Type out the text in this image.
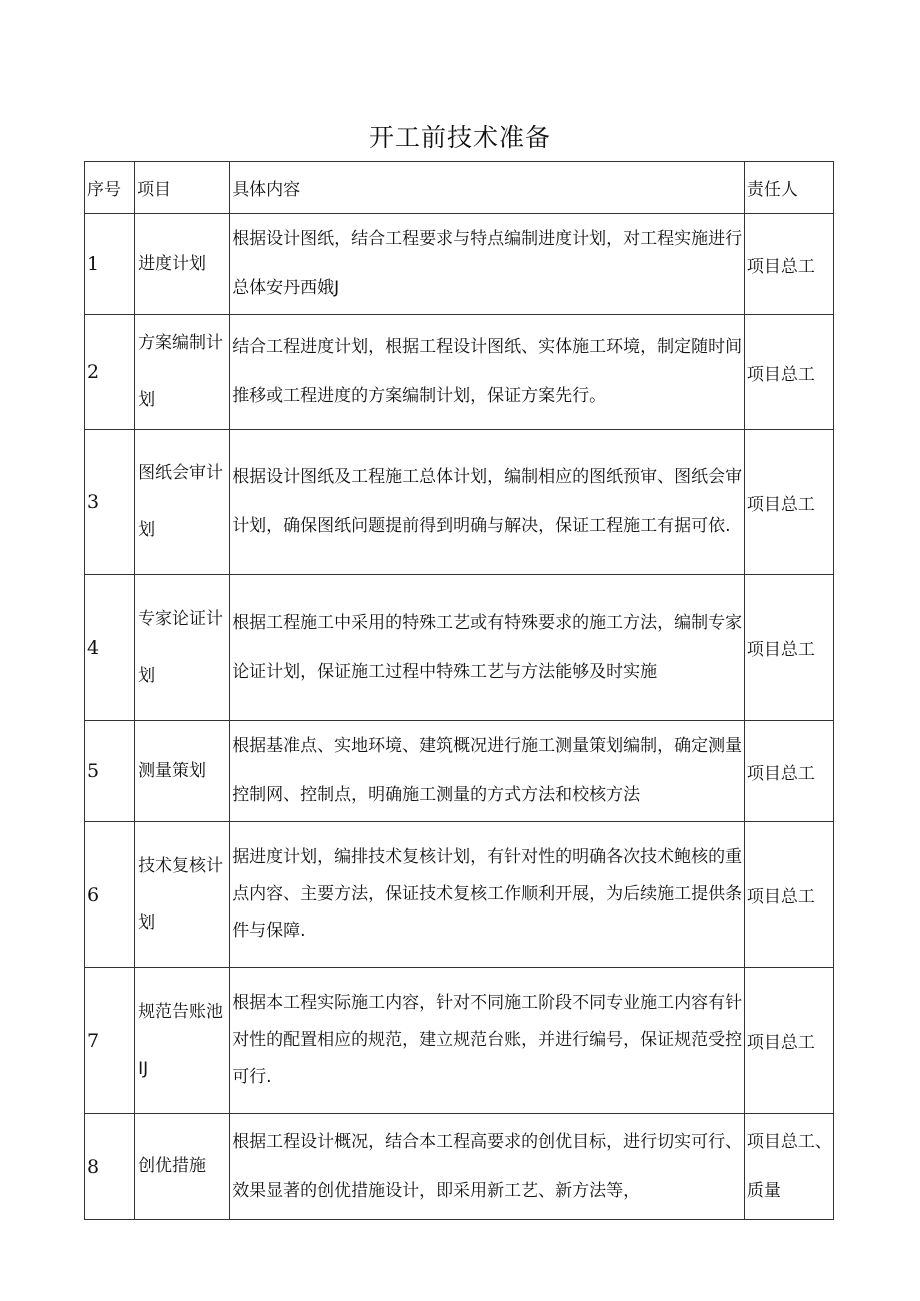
开工前技术准备
序号	项目	具体内容	责任人
1	进度计划	根据设计图纸，结合工程要求与特点编制进度计划，对工程实施进行总体安丹西娥J	项目总工
2	方案编制计划	结合工程进度计划，根据工程设计图纸、实体施工环境，制定随时间推移或工程进度的方案编制计划，保证方案先行。	项目总工
3	图纸会审计划	根据设计图纸及工程施工总体计划，编制相应的图纸预审、图纸会审计划，确保图纸问题提前得到明确与解决，保证工程施工有据可依.	项目总工
4	专家论证计划	根据工程施工中采用的特殊工艺或有特殊要求的施工方法，编制专家论证计划，保证施工过程中特殊工艺与方法能够及时实施	项目总工
5	测量策划	根据基准点、实地环境、建筑概况进行施工测量策划编制，确定测量控制网、控制点，明确施工测量的方式方法和校核方法	项目总工
6	技术复核计划	据进度计划，编排技术复核计划，有针对性的明确各次技术鲍核的重点内容、主要方法，保证技术复核工作顺利开展，为后续施工提供条件与保障.	项目总工
7	规范告账池IJ	根据本工程实际施工内容，针对不同施工阶段不同专业施工内容有针对性的配置相应的规范，建立规范台账，并进行编号，保证规范受控可行.	项目总工
8	创优措施	根据工程设计概况，结合本工程高要求的创优目标，进行切实可行、效果显著的创优措施设计，即采用新工艺、新方法等，	项目总工、质量
